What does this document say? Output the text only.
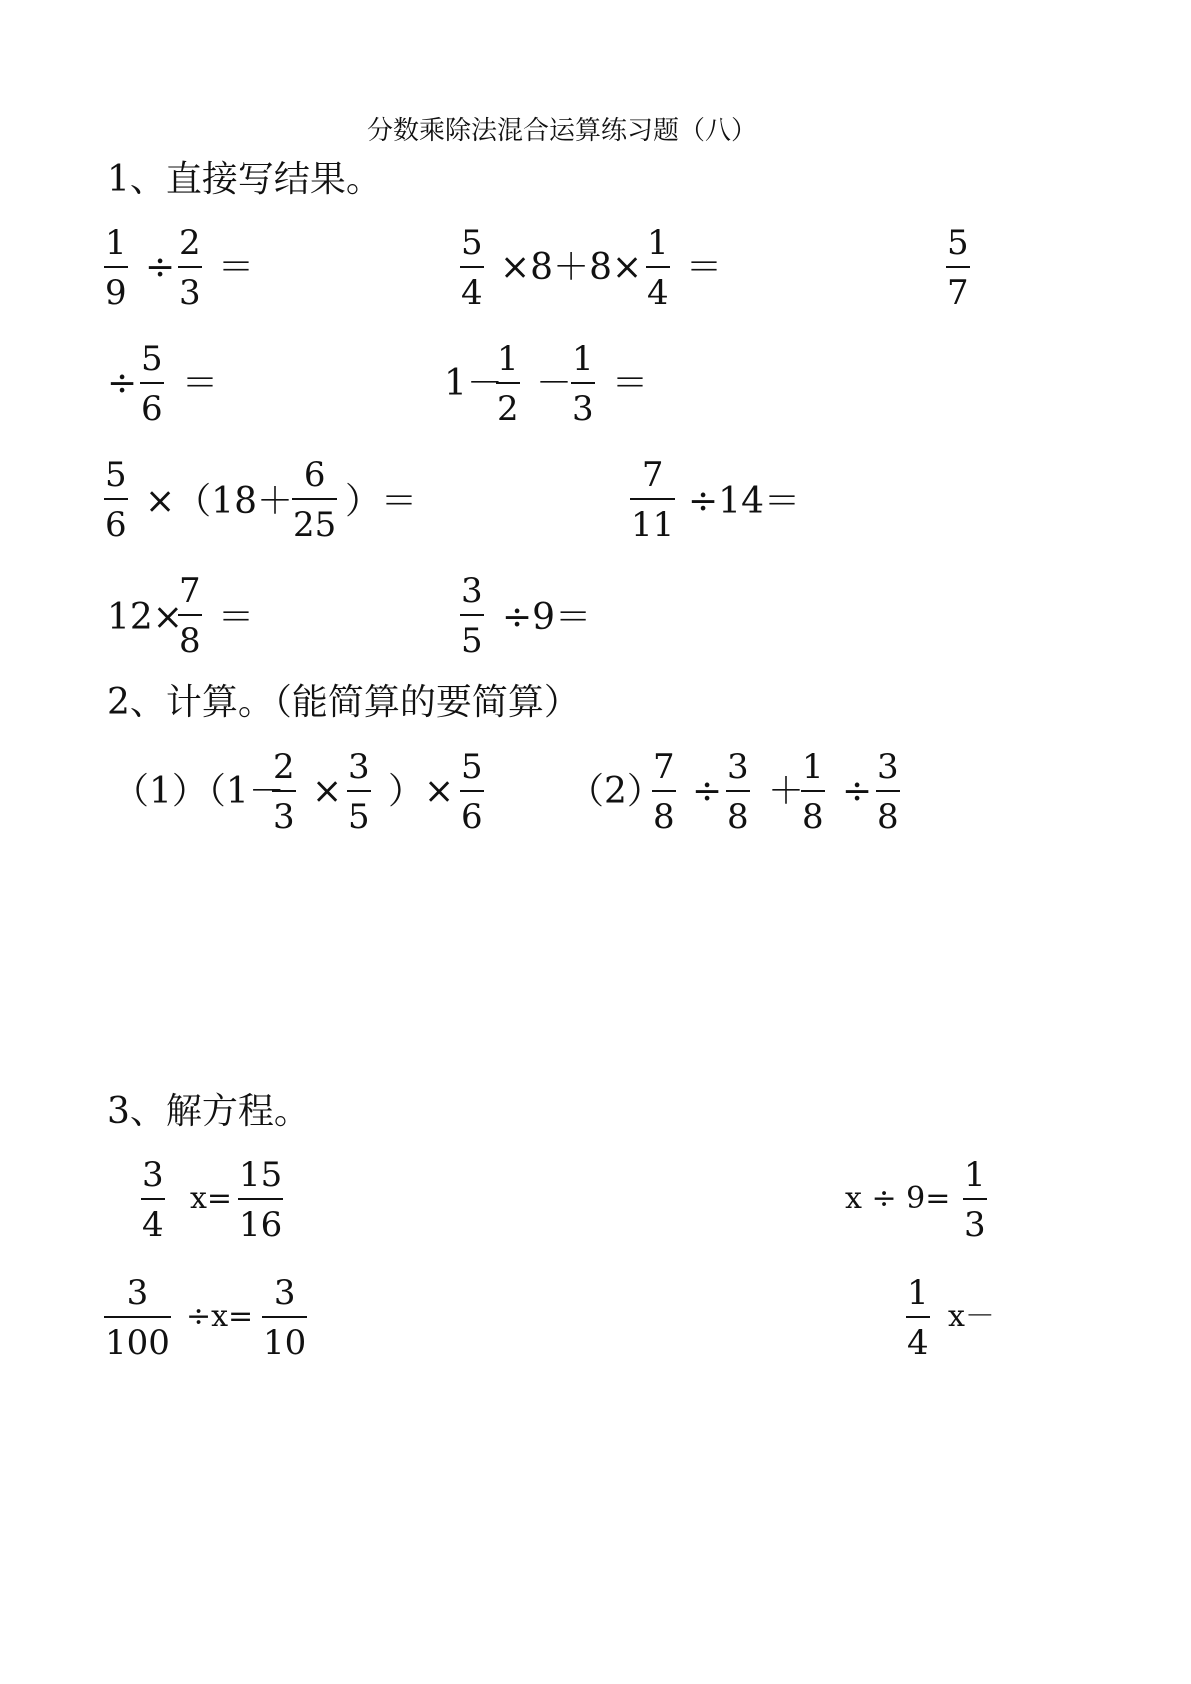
分数乘除法混合运算练习题（八）
1、直接写结果。
1
9
÷
2
3
＝
5
4
×8＋8×
1
4
＝
5
7
÷
5
6
＝	1－
1
2
－
1
3
＝
5
6
×（18＋
6
25
）＝
7
11
÷14＝
12×
7
8
＝
3
5
÷9＝
2、计算。（能简算的要简算）
（1）（1－
2
3
×
3
5
）×
5
6
（2）
7
8
÷
3
8
＋
1
8
÷
3
8
3、解方程。
3
4
x=
15
16
x ÷ 9=
1
3
3
100
÷x=
3
10
1
4
x－
